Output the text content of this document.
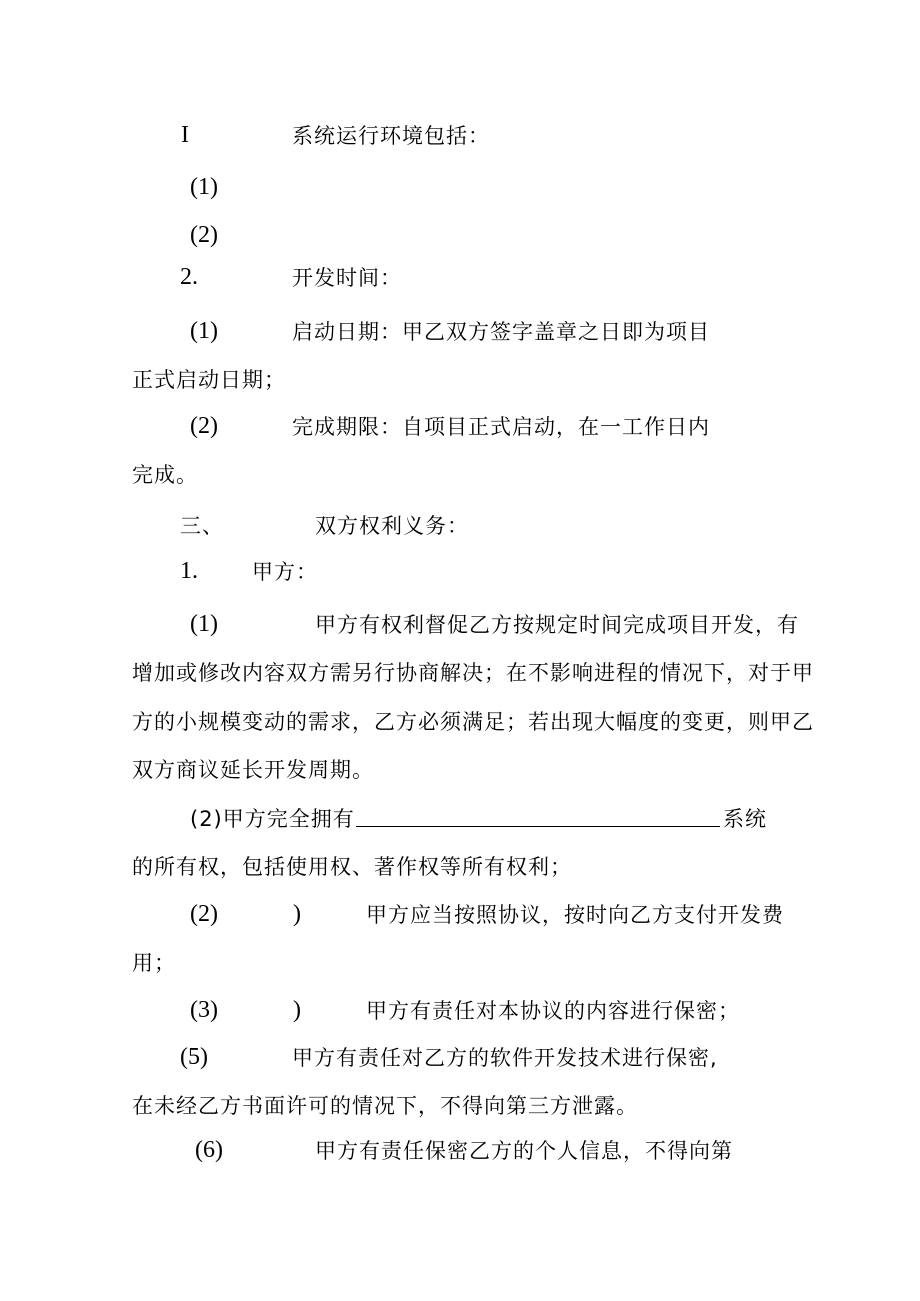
I	系统运行环境包括：
(1)
(2)
2.	开发时间：
(1)	启动日期：甲乙双方签字盖章之日即为项目
正式启动日期；
(2)	完成期限：自项目正式启动，在一工作日内
完成。
三、	双方权利义务：
1.	甲方：
(1)	甲方有权利督促乙方按规定时间完成项目开发，有
增加或修改内容双方需另行协商解决；在不影响进程的情况下，对于甲
方的小规模变动的需求，乙方必须满足；若出现大幅度的变更，则甲乙
双方商议延长开发周期。
(2)甲方完全拥有	系统
的所有权，包括使用权、著作权等所有权利；
(2)	)	甲方应当按照协议，按时向乙方支付开发费
用；
(3)	)	甲方有责任对本协议的内容进行保密；
(5)	甲方有责任对乙方的软件开发技术进行保密,
在未经乙方书面许可的情况下，不得向第三方泄露。
(6)	甲方有责任保密乙方的个人信息，不得向第
